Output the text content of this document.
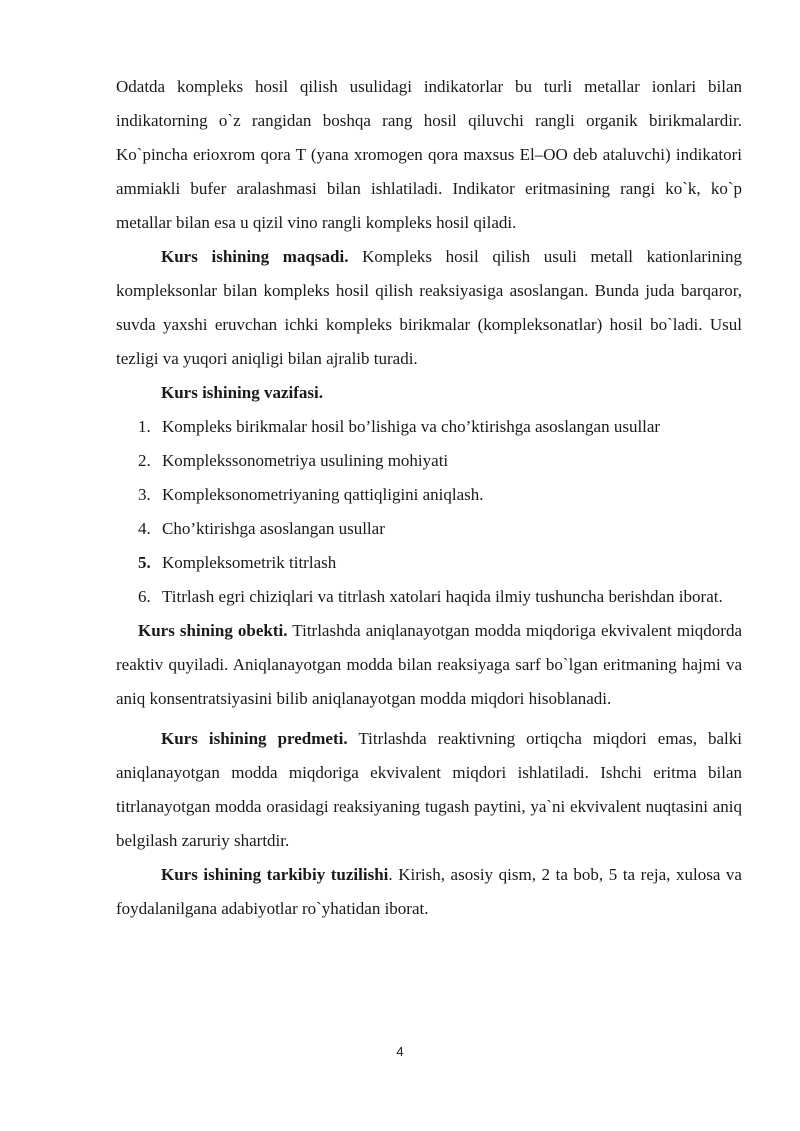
Odatda kompleks hosil qilish usulidagi indikatorlar bu turli metallar ionlari bilan indikatorning o`z rangidan boshqa rang hosil qiluvchi rangli organik birikmalardir. Ko`pincha erioxrom qora T (yana xromogen qora maxsus El–OO deb ataluvchi) indikatori ammiakli bufer aralashmasi bilan ishlatiladi. Indikator eritmasining rangi ko`k, ko`p metallar bilan esa u qizil vino rangli kompleks hosil qiladi.

Kurs ishining maqsadi. Kompleks hosil qilish usuli metall kationlarining kompleksonlar bilan kompleks hosil qilish reaksiyasiga asoslangan. Bunda juda barqaror, suvda yaxshi eruvchan ichki kompleks birikmalar (kompleksonatlar) hosil bo`ladi. Usul tezligi va yuqori aniqligi bilan ajralib turadi.

Kurs ishining vazifasi.

1. Kompleks birikmalar hosil bo’lishiga va cho’ktirishga asoslangan usullar
2. Komplekssonometriya usulining mohiyati
3. Kompleksonometriyaning qattiqligini aniqlash.
4. Cho’ktirishga asoslangan usullar
5. Kompleksometrik titrlash
6. Titrlash egri chiziqlari va titrlash xatolari haqida ilmiy tushuncha berishdan iborat.

Kurs shining obekti. Titrlashda aniqlanayotgan modda miqdoriga ekvivalent miqdorda reaktiv quyiladi. Aniqlanayotgan modda bilan reaksiyaga sarf bo`lgan eritmaning hajmi va aniq konsentratsiyasini bilib aniqlanayotgan modda miqdori hisoblanadi.

Kurs ishining predmeti. Titrlashda reaktivning ortiqcha miqdori emas, balki aniqlanayotgan modda miqdoriga ekvivalent miqdori ishlatiladi. Ishchi eritma bilan titrlanayotgan modda orasidagi reaksiyaning tugash paytini, ya`ni ekvivalent nuqtasini aniq belgilash zaruriy shartdir.

Kurs ishining tarkibiy tuzilishi. Kirish, asosiy qism, 2 ta bob, 5 ta reja, xulosa va foydalanilgana adabiyotlar ro`yhatidan iborat.

4
